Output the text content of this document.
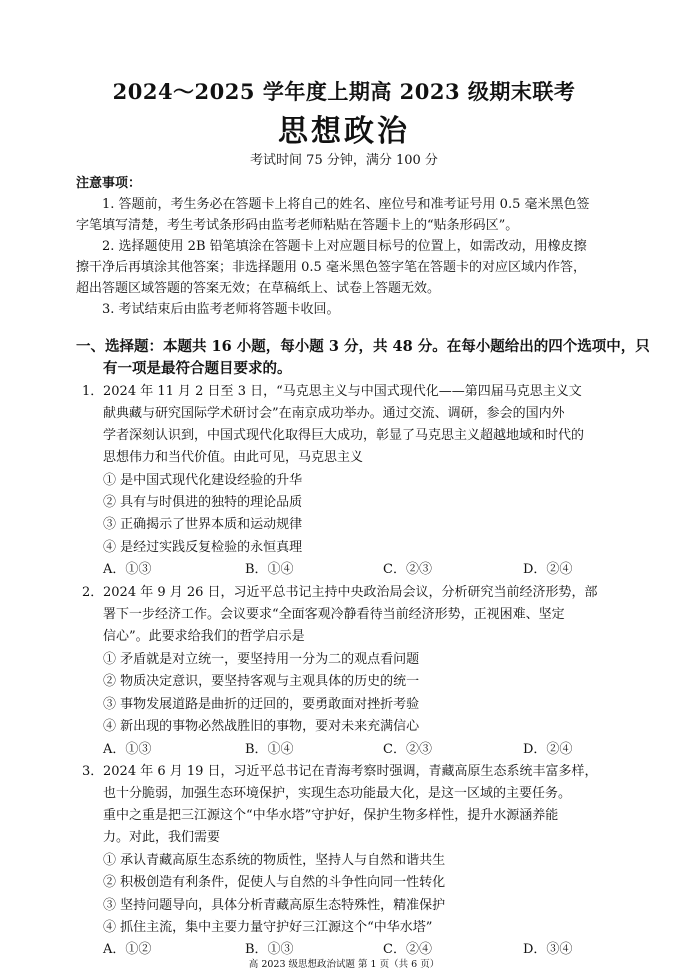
2024～2025 学年度上期高 2023 级期末联考
思想政治
考试时间 75 分钟，满分 100 分
注意事项：
1. 答题前，考生务必在答题卡上将自己的姓名、座位号和准考证号用 0.5 毫米黑色签
字笔填写清楚，考生考试条形码由监考老师粘贴在答题卡上的“贴条形码区”。
2. 选择题使用 2B 铅笔填涂在答题卡上对应题目标号的位置上，如需改动，用橡皮擦
擦干净后再填涂其他答案；非选择题用 0.5 毫米黑色签字笔在答题卡的对应区域内作答，
超出答题区域答题的答案无效；在草稿纸上、试卷上答题无效。
3. 考试结束后由监考老师将答题卡收回。
一、选择题：本题共 16 小题，每小题 3 分，共 48 分。在每小题给出的四个选项中，只
有一项是最符合题目要求的。
1． 2024 年 11 月 2 日至 3 日，“马克思主义与中国式现代化——第四届马克思主义文
献典藏与研究国际学术研讨会”在南京成功举办。通过交流、调研，参会的国内外
学者深刻认识到，中国式现代化取得巨大成功，彰显了马克思主义超越地域和时代的
思想伟力和当代价值。由此可见，马克思主义
① 是中国式现代化建设经验的升华
② 具有与时俱进的独特的理论品质
③ 正确揭示了世界本质和运动规律
④ 是经过实践反复检验的永恒真理
A．①③	B．①④	C．②③	D．②④
2． 2024 年 9 月 26 日，习近平总书记主持中央政治局会议，分析研究当前经济形势，部
署下一步经济工作。会议要求“全面客观冷静看待当前经济形势，正视困难、坚定
信心”。此要求给我们的哲学启示是
① 矛盾就是对立统一，要坚持用一分为二的观点看问题
② 物质决定意识，要坚持客观与主观具体的历史的统一
③ 事物发展道路是曲折的迂回的，要勇敢面对挫折考验
④ 新出现的事物必然战胜旧的事物，要对未来充满信心
A．①③	B．①④	C．②③	D．②④
3． 2024 年 6 月 19 日，习近平总书记在青海考察时强调，青藏高原生态系统丰富多样，
也十分脆弱，加强生态环境保护，实现生态功能最大化，是这一区域的主要任务。
重中之重是把三江源这个“中华水塔”守护好，保护生物多样性，提升水源涵养能
力。对此，我们需要
① 承认青藏高原生态系统的物质性，坚持人与自然和谐共生
② 积极创造有利条件，促使人与自然的斗争性向同一性转化
③ 坚持问题导向，具体分析青藏高原生态特殊性，精准保护
④ 抓住主流，集中主要力量守护好三江源这个“中华水塔”
A．①②	B．①③	C．②④	D．③④
高 2023 级思想政治试题 第 1 页（共 6 页）
